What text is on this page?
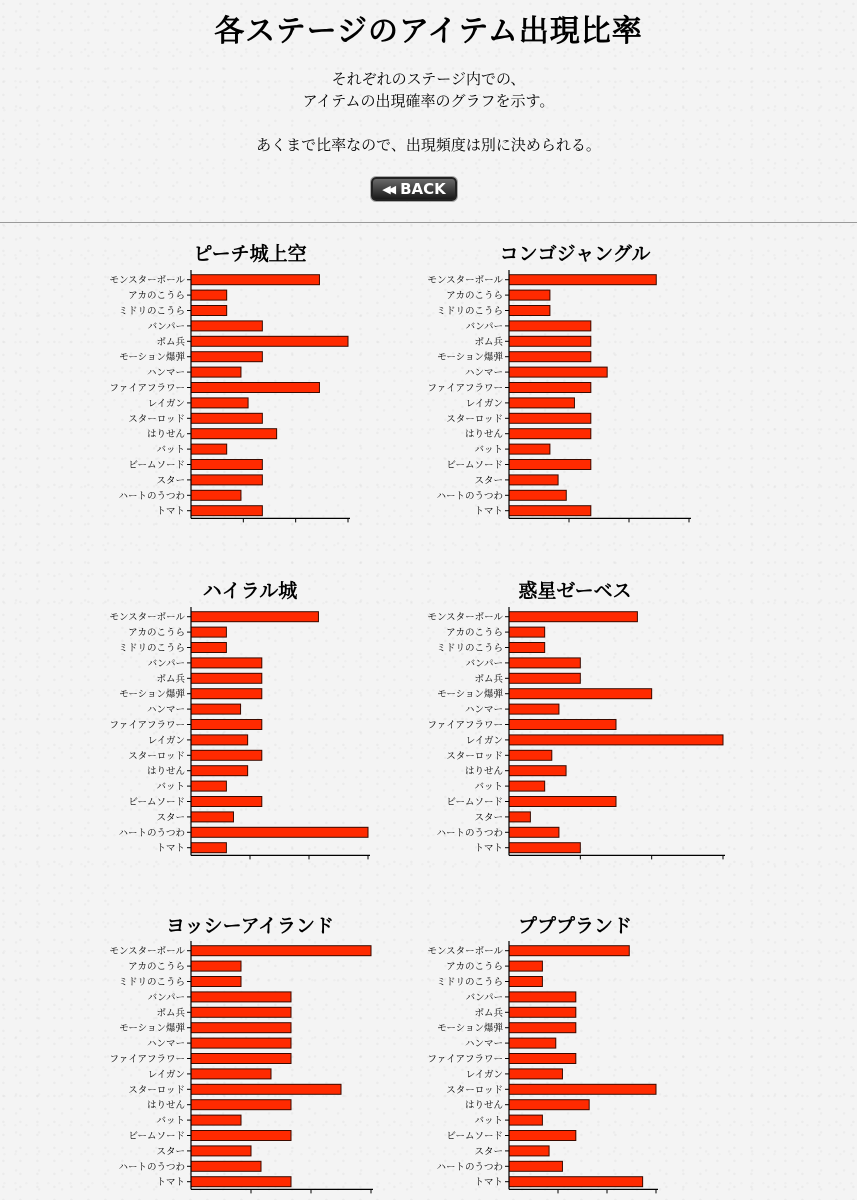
各ステージのアイテム出現比率

それぞれのステージ内での、

アイテムの出現確率のグラフを示す。

あくまで比率なので、出現頻度は別に決められる。

◀◀ BACK
ピーチ城上空
モンスターボール
アカのこうら
ミドリのこうら
バンパー
ボム兵
モーション爆弾
ハンマー
ファイアフラワー
レイガン
スターロッド
はりせん
バット
ビームソード
スター
ハートのうつわ
トマト
コンゴジャングル
モンスターボール
アカのこうら
ミドリのこうら
バンパー
ボム兵
モーション爆弾
ハンマー
ファイアフラワー
レイガン
スターロッド
はりせん
バット
ビームソード
スター
ハートのうつわ
トマト
ハイラル城
モンスターボール
アカのこうら
ミドリのこうら
バンパー
ボム兵
モーション爆弾
ハンマー
ファイアフラワー
レイガン
スターロッド
はりせん
バット
ビームソード
スター
ハートのうつわ
トマト
惑星ゼーベス
モンスターボール
アカのこうら
ミドリのこうら
バンパー
ボム兵
モーション爆弾
ハンマー
ファイアフラワー
レイガン
スターロッド
はりせん
バット
ビームソード
スター
ハートのうつわ
トマト
ヨッシーアイランド
モンスターボール
アカのこうら
ミドリのこうら
バンパー
ボム兵
モーション爆弾
ハンマー
ファイアフラワー
レイガン
スターロッド
はりせん
バット
ビームソード
スター
ハートのうつわ
トマト
プププランド
モンスターボール
アカのこうら
ミドリのこうら
バンパー
ボム兵
モーション爆弾
ハンマー
ファイアフラワー
レイガン
スターロッド
はりせん
バット
ビームソード
スター
ハートのうつわ
トマト
